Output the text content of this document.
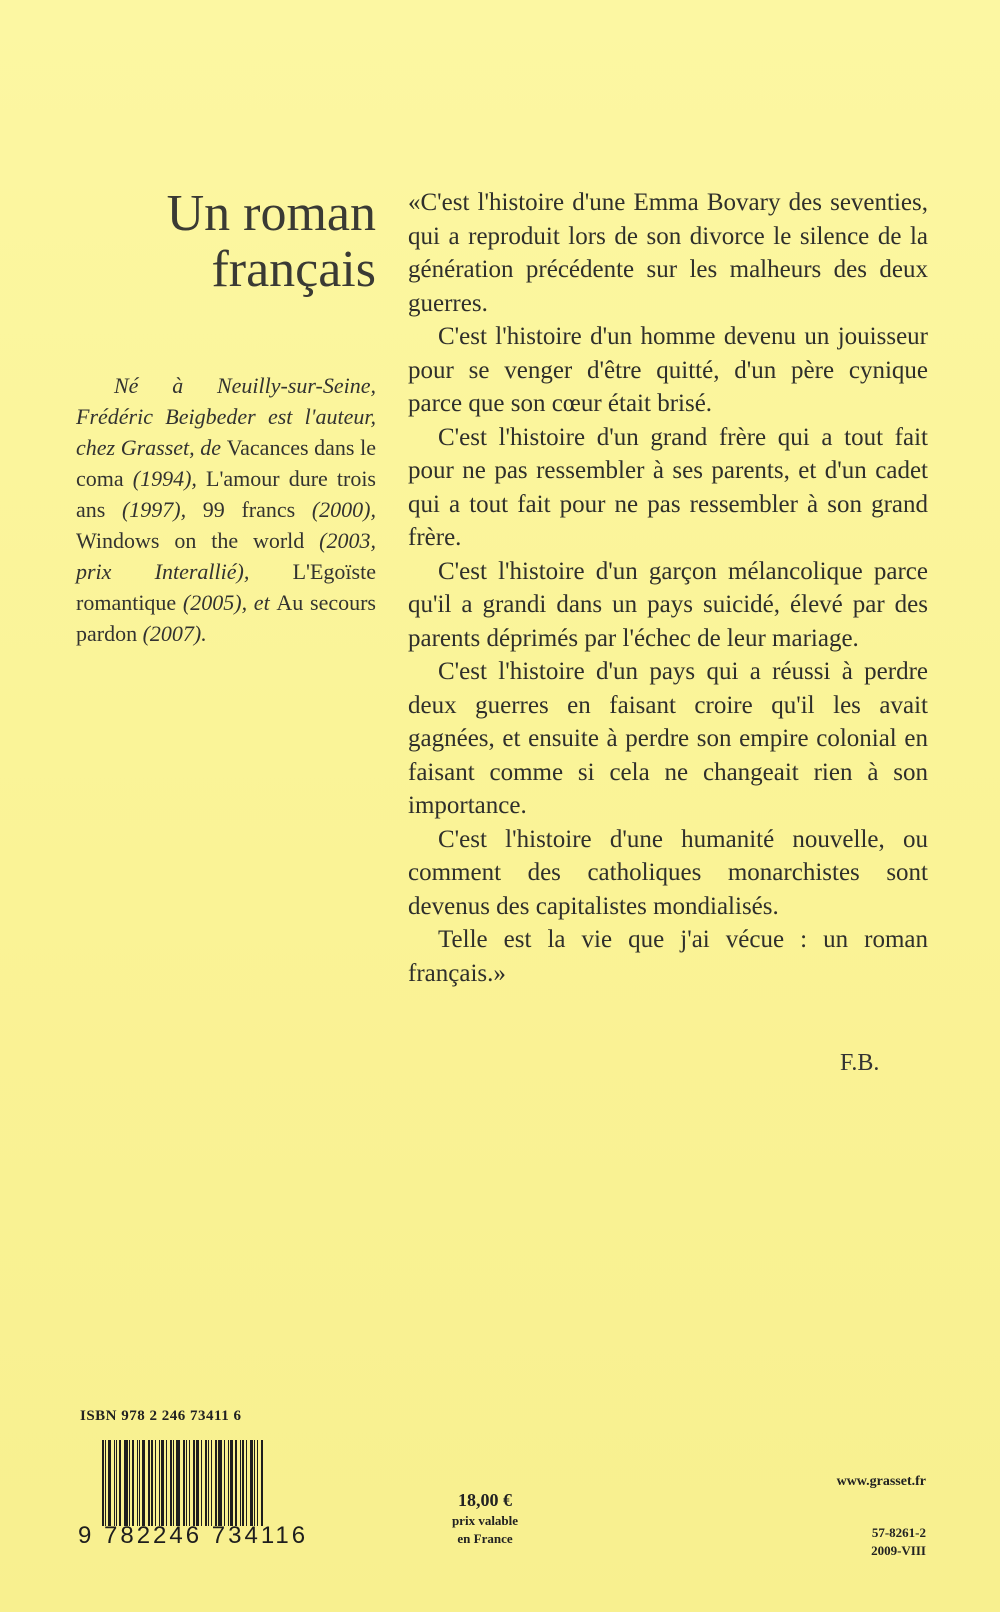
Un roman
français
Né à Neuilly-sur-Seine, Frédéric Beigbeder est l'auteur, chez Grasset, de Vacances dans le coma (1994), L'amour dure trois ans (1997), 99 francs (2000), Windows on the world (2003, prix Interallié), L'Egoïste romantique (2005), et Au secours pardon (2007).

«C'est l'histoire d'une Emma Bovary des seventies, qui a reproduit lors de son divorce le silence de la génération précédente sur les malheurs des deux guerres.

C'est l'histoire d'un homme devenu un jouisseur pour se venger d'être quitté, d'un père cynique parce que son cœur était brisé.

C'est l'histoire d'un grand frère qui a tout fait pour ne pas ressembler à ses parents, et d'un cadet qui a tout fait pour ne pas ressembler à son grand frère.

C'est l'histoire d'un garçon mélancolique parce qu'il a grandi dans un pays suicidé, élevé par des parents déprimés par l'échec de leur mariage.

C'est l'histoire d'un pays qui a réussi à perdre deux guerres en faisant croire qu'il les avait gagnées, et ensuite à perdre son empire colonial en faisant comme si cela ne changeait rien à son importance.

C'est l'histoire d'une humanité nouvelle, ou comment des catholiques monarchistes sont devenus des capitalistes mondialisés.

Telle est la vie que j'ai vécue : un roman français.»

F.B.
ISBN 978 2 246 73411 6
9 782246 734116
18,00 €
prix valable
en France
www.grasset.fr
57-8261-2
2009-VIII
